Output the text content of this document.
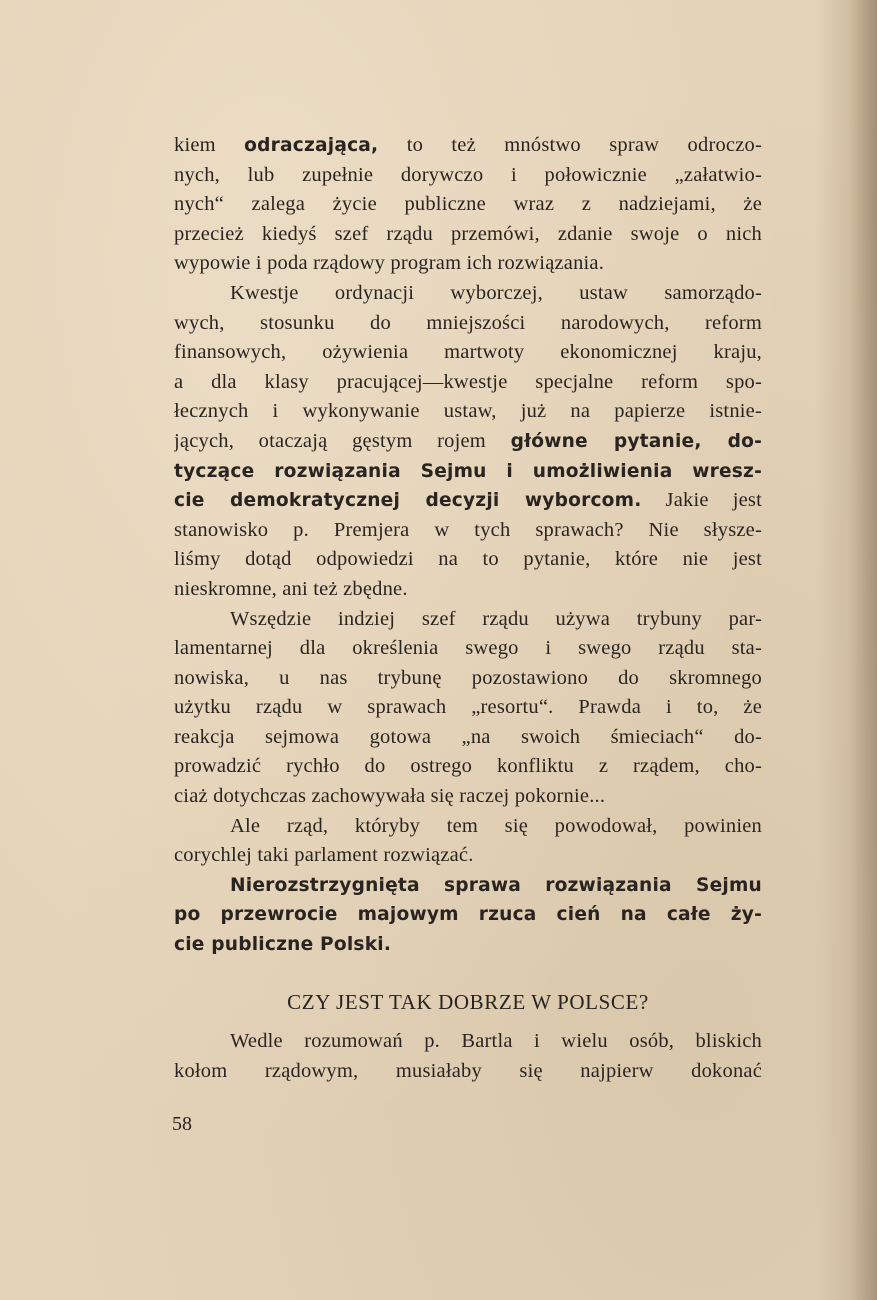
kiem odraczająca, to też mnóstwo spraw odroczo-
nych, lub zupełnie dorywczo i połowicznie „załatwio-
nych“ zalega życie publiczne wraz z nadziejami, że
przecież kiedyś szef rządu przemówi, zdanie swoje o nich
wypowie i poda rządowy program ich rozwiązania.
Kwestje ordynacji wyborczej, ustaw samorządo-
wych, stosunku do mniejszości narodowych, reform
finansowych, ożywienia martwoty ekonomicznej kraju,
a dla klasy pracującej—kwestje specjalne reform spo-
łecznych i wykonywanie ustaw, już na papierze istnie-
jących, otaczają gęstym rojem główne pytanie, do-
tyczące rozwiązania Sejmu i umożliwienia wresz-
cie demokratycznej decyzji wyborcom. Jakie jest
stanowisko p. Premjera w tych sprawach? Nie słysze-
liśmy dotąd odpowiedzi na to pytanie, które nie jest
nieskromne, ani też zbędne.
Wszędzie indziej szef rządu używa trybuny par-
lamentarnej dla określenia swego i swego rządu sta-
nowiska, u nas trybunę pozostawiono do skromnego
użytku rządu w sprawach „resortu“. Prawda i to, że
reakcja sejmowa gotowa „na swoich śmieciach“ do-
prowadzić rychło do ostrego konfliktu z rządem, cho-
ciaż dotychczas zachowywała się raczej pokornie...
Ale rząd, któryby tem się powodował, powinien
corychlej taki parlament rozwiązać.
Nierozstrzygnięta sprawa rozwiązania Sejmu
po przewrocie majowym rzuca cień na całe ży-
cie publiczne Polski.
CZY JEST TAK DOBRZE W POLSCE?
Wedle rozumowań p. Bartla i wielu osób, bliskich
kołom rządowym, musiałaby się najpierw dokonać
58
